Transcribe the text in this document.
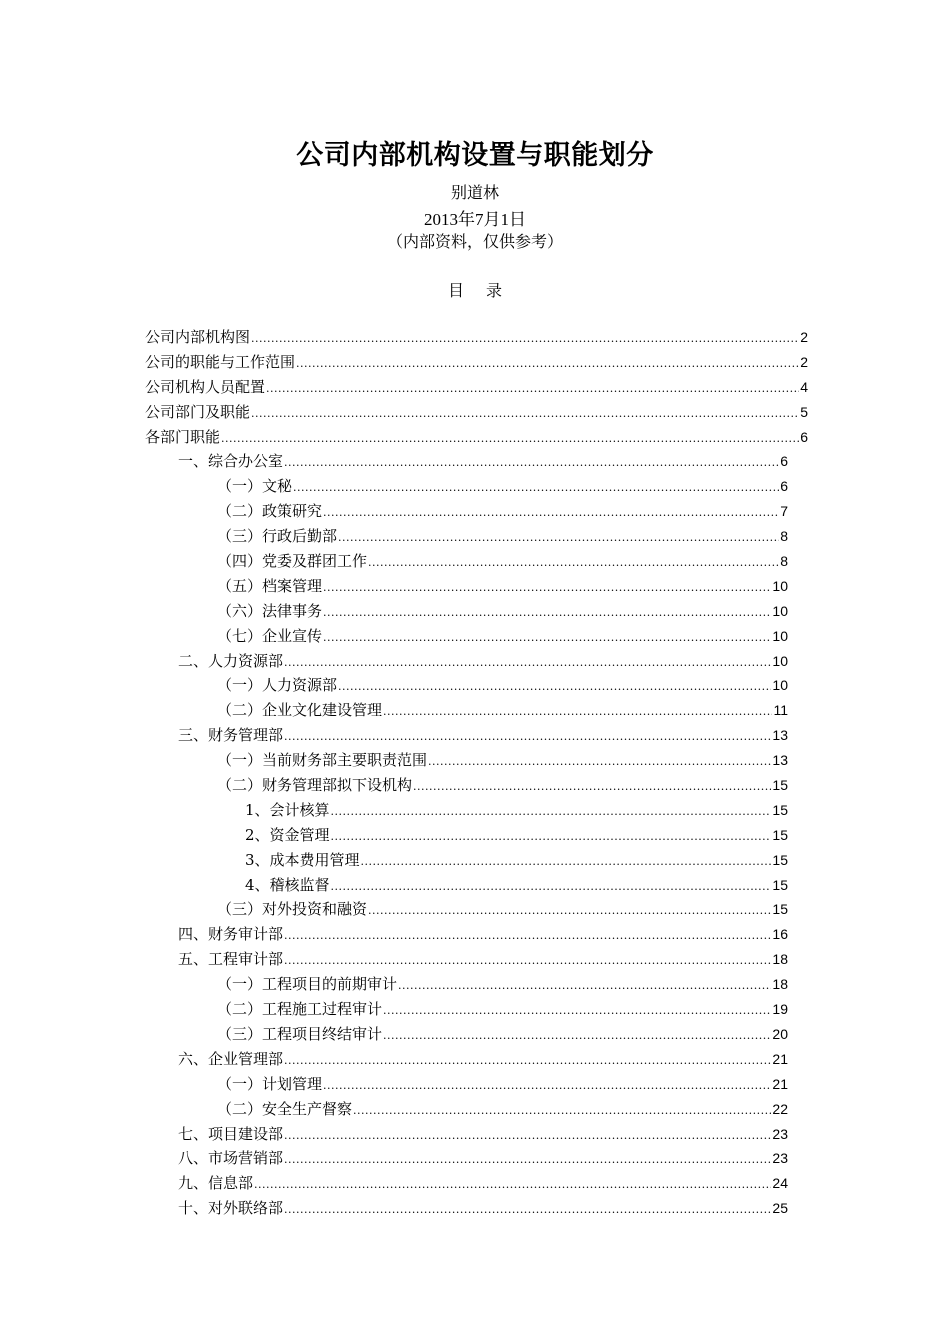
公司内部机构设置与职能划分
别道林
2013年7月1日
（内部资料，仅供参考）
目 录
公司内部机构图 .....	2
公司的职能与工作范围 .....	2
公司机构人员配置 .....	4
公司部门及职能 .....	5
各部门职能 .....	6
一、综合办公室 .....	6
（一）文秘 .....	6
（二）政策研究 .....	7
（三）行政后勤部 .....	8
（四）党委及群团工作 .....	8
（五）档案管理 .....	10
（六）法律事务 .....	10
（七）企业宣传 .....	10
二、人力资源部 .....	10
（一）人力资源部 .....	10
（二）企业文化建设管理 .....	11
三、财务管理部 .....	13
（一）当前财务部主要职责范围 .....	13
（二）财务管理部拟下设机构 .....	15
1、会计核算 .....	15
2、资金管理 .....	15
3、成本费用管理 .....	15
4、稽核监督 .....	15
（三）对外投资和融资 .....	15
四、财务审计部 .....	16
五、工程审计部 .....	18
（一）工程项目的前期审计 .....	18
（二）工程施工过程审计 .....	19
（三）工程项目终结审计 .....	20
六、企业管理部 .....	21
（一）计划管理 .....	21
（二）安全生产督察 .....	22
七、项目建设部 .....	23
八、市场营销部 .....	23
九、信息部 .....	24
十、对外联络部 .....	25
